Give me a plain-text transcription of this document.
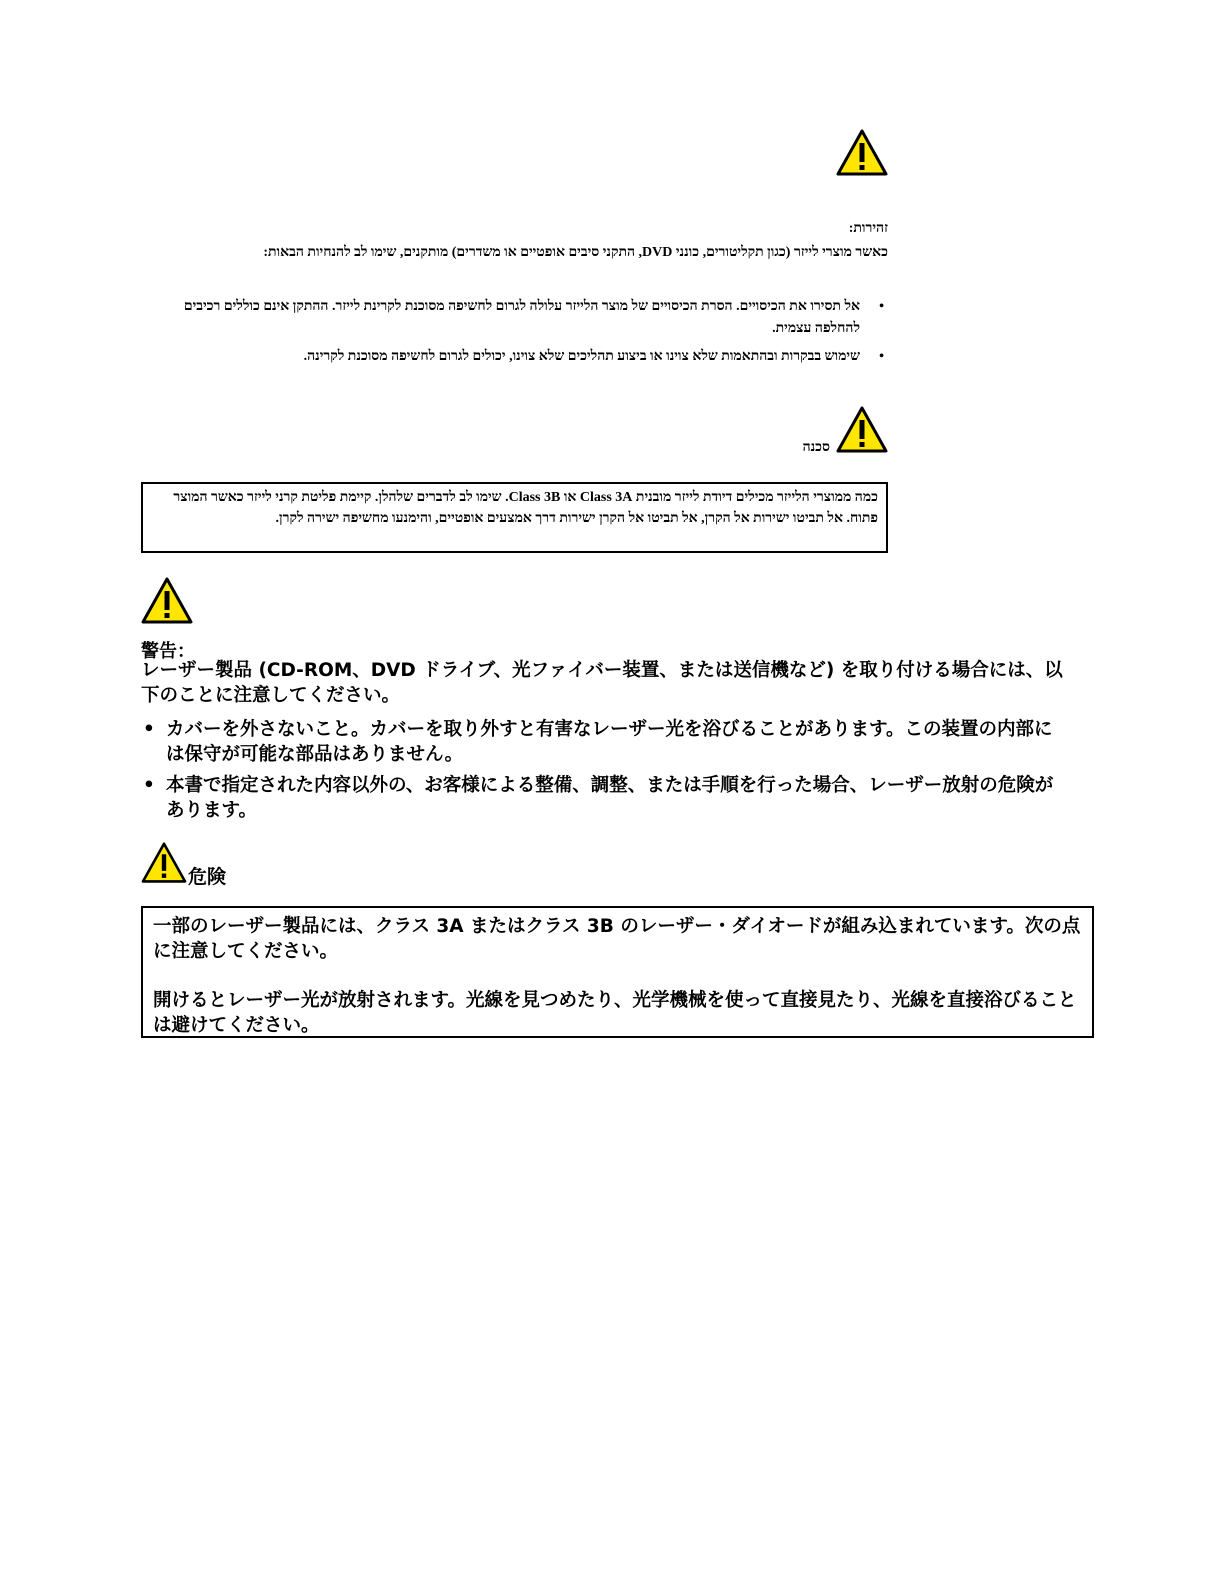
זהירות:
כאשר מוצרי לייזר (כגון תקליטורים, כונני DVD, התקני סיבים אופטיים או משדרים) מותקנים, שימו לב להנחיות הבאות:
• אל תסירו את הכיסויים. הסרת הכיסויים של מוצר הלייזר עלולה לגרום לחשיפה מסוכנת לקרינת לייזר. ההתקן אינם כוללים רכיבים להחלפה עצמית.
• שימוש בבקרות ובהתאמות שלא צוינו או ביצוע תהליכים שלא צוינו, יכולים לגרום לחשיפה מסוכנת לקרינה.
סכנה
כמה ממוצרי הלייזר מכילים דיודת לייזר מובנית Class 3A או Class 3B. שימו לב לדברים שלהלן. קיימת פליטת קרני לייזר כאשר המוצר פתוח. אל תביטו ישירות אל הקרן, אל תביטו אל הקרן ישירות דרך אמצעים אופטיים, והימנעו מחשיפה ישירה לקרן.
警告：
レーザー製品 (CD-ROM、DVD ドライブ、光ファイバー装置、または送信機など) を取り付ける場合には、以下のことに注意してください。
• カバーを外さないこと。カバーを取り外すと有害なレーザー光を浴びることがあります。この装置の内部には保守が可能な部品はありません。
• 本書で指定された内容以外の、お客様による整備、調整、または手順を行った場合、レーザー放射の危険があります。
危険

一部のレーザー製品には、クラス 3A またはクラス 3B のレーザー・ダイオードが組み込まれています。次の点に注意してください。

開けるとレーザー光が放射されます。光線を見つめたり、光学機械を使って直接見たり、光線を直接浴びることは避けてください。
